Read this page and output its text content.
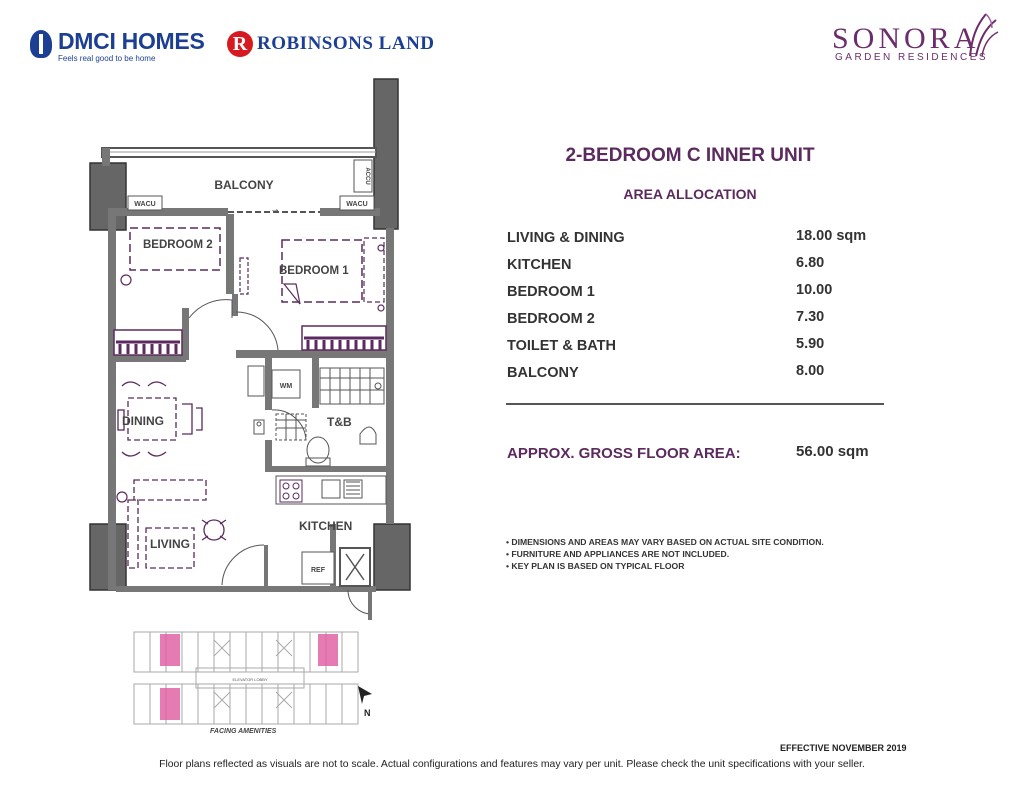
DMCI HOMES
Feels real good to be home
R ROBINSONS LAND	SONORA
GARDEN RESIDENCES
→
WM
REF
WACU	WACU
ACCU
BALCONY
BEDROOM 2
BEDROOM 1
DINING	T&B
KITCHEN
LIVING
ELEVATOR LOBBY
N
FACING AMENITIES
2-BEDROOM C INNER UNIT
AREA ALLOCATION
LIVING & DINING	18.00 sqm
KITCHEN	6.80
BEDROOM 1	10.00
BEDROOM 2	7.30
TOILET & BATH	5.90
BALCONY	8.00
APPROX. GROSS FLOOR AREA:	56.00 sqm
• DIMENSIONS AND AREAS MAY VARY BASED ON ACTUAL SITE CONDITION.
• FURNITURE AND APPLIANCES ARE NOT INCLUDED.
• KEY PLAN IS BASED ON TYPICAL FLOOR
EFFECTIVE NOVEMBER 2019
Floor plans reflected as visuals are not to scale. Actual configurations and features may vary per unit. Please check the unit specifications with your seller.
